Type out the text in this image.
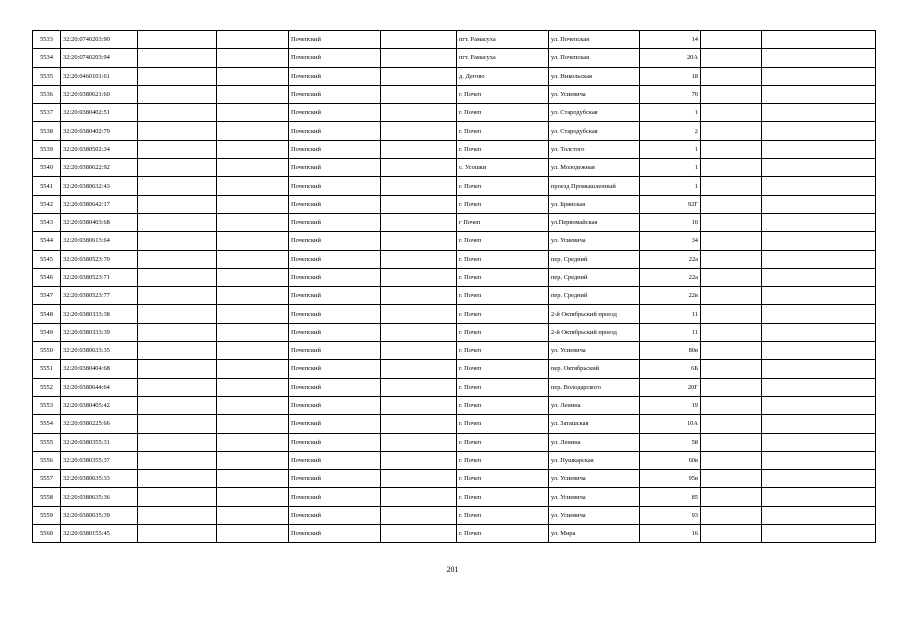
5533	32:20:0740203:90			Почепский		пгт. Рамасуха	ул. Почепская	14		
5534	32:20:0740203:94			Почепский		пгт. Рамасуха	ул. Почепская	20А		
5535	32:20:0460101:61			Почепский		д. Дегово	ул. Никольская	18		
5536	32:20:0380621:60			Почепский		г. Почеп	ул. Усиевича	70		
5537	32:20:0380402:51			Почепский		г. Почеп	ул. Стародубская	1		
5538	32:20:0380402:79			Почепский		г. Почеп	ул. Стародубская	2		
5539	32:20:0380502:34			Почепский		г. Почеп	ул. Толстого	1		
5540	32:20:0380622:92			Почепский		с. Усошки	ул. Молодежная	1		
5541	32:20:0380632:43			Почепский		г. Почеп	проезд Промышленный	1		
5542	32:20:0380642:17			Почепский		г. Почеп	ул. Брянская	92Г		
5543	32:20:0380403:68			Почепский		г Почеп	ул.Первомайская	10		
5544	32:20:0380613:64			Почепский		г. Почеп	ул. Усиевича	34		
5545	32:20:0380523:70			Почепский		г. Почеп	пер. Средний	22а		
5546	32:20:0380523:71			Почепский		г. Почеп	пер. Средний	22а		
5547	32:20:0380523:77			Почепский		г. Почеп	пер. Средний	22в		
5548	32:20:0380333:38			Почепский		г. Почеп	2-й Октябрьский проезд	11		
5549	32:20:0380333:39			Почепский		г. Почеп	2-й Октябрьский проезд	11		
5550	32:20:0380633:35			Почепский		г. Почеп	ул. Усиевича	80в		
5551	32:20:0380404:68			Почепский		г. Почеп	пер. Октябрьский	6Б		
5552	32:20:0380644:64			Почепский		г. Почеп	пер. Володарского	20Г		
5553	32:20:0380405:42			Почепский		г. Почеп	ул. Ленина	19		
5554	32:20:0380225:66			Почепский		г. Почеп	ул. Заташская	10А		
5555	32:20:0380355:31			Почепский		г. Почеп	ул. Ленина	58		
5556	32:20:0380355:37			Почепский		г. Почеп	ул. Пушкарская	60в		
5557	32:20:0380635:33			Почепский		г. Почеп	ул. Усиевича	95в		
5558	32:20:0380635:36			Почепский		г. Почеп	ул. Усиевича	85		
5559	32:20:0380635:39			Почепский		г. Почеп	ул. Усиевича	93		
5560	32:20:0380155:45			Почепский		г. Почеп	ул. Мира	16		
201
